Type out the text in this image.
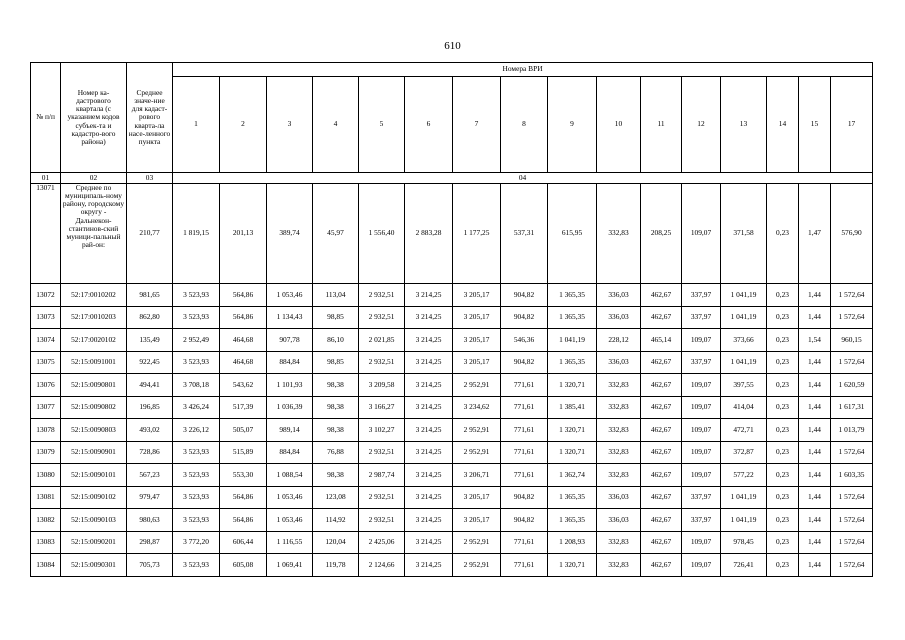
610
№ п/п	Номер ка-дастрового квартала (с указанием кодов субъек-та и кадастро-вого района)	Среднее значе-ние для кадаст-рового кварта-ла насе-ленного пункта	Номера ВРИ															
			1	2	3	4	5	6	7	8	9	10	11	12	13	14	15	17
01	02	03	04															
13071	Среднее по муниципаль-ному району, городскому округу - Дальнекон-стантинов-ский муници-пальный рай-он:	210,77	1 819,15	201,13	389,74	45,97	1 556,40	2 883,28	1 177,25	537,31	615,95	332,83	208,25	109,07	371,58	0,23	1,47	576,90
13072	52:17:0010202	981,65	3 523,93	564,86	1 053,46	113,04	2 932,51	3 214,25	3 205,17	904,82	1 365,35	336,03	462,67	337,97	1 041,19	0,23	1,44	1 572,64

13073	52:17:0010203	862,80	3 523,93	564,86	1 134,43	98,85	2 932,51	3 214,25	3 205,17	904,82	1 365,35	336,03	462,67	337,97	1 041,19	0,23	1,44	1 572,64

13074	52:17:0020102	135,49	2 952,49	464,68	907,78	86,10	2 021,85	3 214,25	3 205,17	546,36	1 041,19	228,12	465,14	109,07	373,66	0,23	1,54	960,15
13075	52:15:0091001	922,45	3 523,93	464,68	884,84	98,85	2 932,51	3 214,25	3 205,17	904,82	1 365,35	336,03	462,67	337,97	1 041,19	0,23	1,44	1 572,64

13076	52:15:0090801	494,41	3 708,18	543,62	1 101,93	98,38	3 209,58	3 214,25	2 952,91	771,61	1 320,71	332,83	462,67	109,07	397,55	0,23	1,44	1 620,59

13077	52:15:0090802	196,85	3 426,24	517,39	1 036,39	98,38	3 166,27	3 214,25	3 234,62	771,61	1 385,41	332,83	462,67	109,07	414,04	0,23	1,44	1 617,31

13078	52:15:0090803	493,02	3 226,12	505,07	989,14	98,38	3 102,27	3 214,25	2 952,91	771,61	1 320,71	332,83	462,67	109,07	472,71	0,23	1,44	1 013,79

13079	52:15:0090901	728,86	3 523,93	515,89	884,84	76,88	2 932,51	3 214,25	2 952,91	771,61	1 320,71	332,83	462,67	109,07	372,87	0,23	1,44	1 572,64

13080	52:15:0090101	567,23	3 523,93	553,30	1 088,54	98,38	2 987,74	3 214,25	3 206,71	771,61	1 362,74	332,83	462,67	109,07	577,22	0,23	1,44	1 603,35

13081	52:15:0090102	979,47	3 523,93	564,86	1 053,46	123,08	2 932,51	3 214,25	3 205,17	904,82	1 365,35	336,03	462,67	337,97	1 041,19	0,23	1,44	1 572,64

13082	52:15:0090103	980,63	3 523,93	564,86	1 053,46	114,92	2 932,51	3 214,25	3 205,17	904,82	1 365,35	336,03	462,67	337,97	1 041,19	0,23	1,44	1 572,64

13083	52:15:0090201	298,87	3 772,20	606,44	1 116,55	120,04	2 425,06	3 214,25	2 952,91	771,61	1 208,93	332,83	462,67	109,07	978,45	0,23	1,44	1 572,64

13084	52:15:0090301	705,73	3 523,93	605,08	1 069,41	119,78	2 124,66	3 214,25	2 952,91	771,61	1 320,71	332,83	462,67	109,07	726,41	0,23	1,44	1 572,64
